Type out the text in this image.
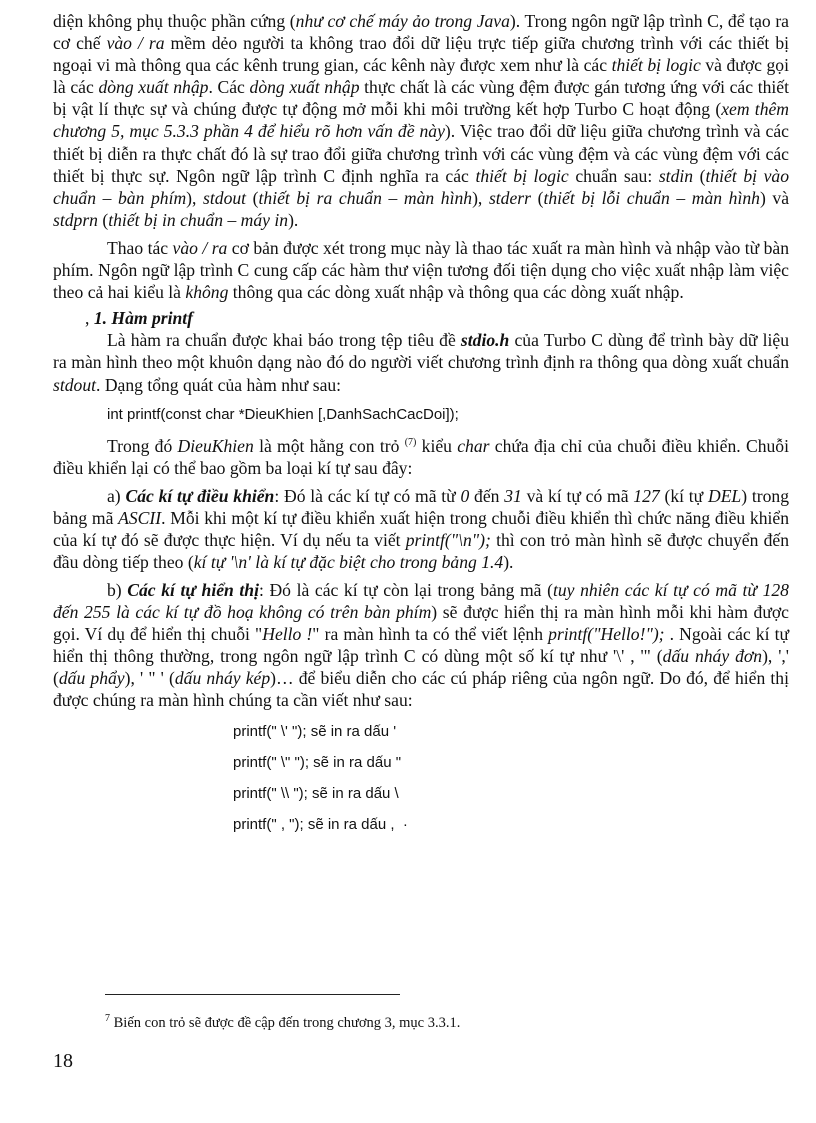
diện không phụ thuộc phần cứng (như cơ chế máy ảo trong Java). Trong ngôn ngữ lập trình C, để tạo ra cơ chế vào / ra mềm dẻo người ta không trao đổi dữ liệu trực tiếp giữa chương trình với các thiết bị ngoại vi mà thông qua các kênh trung gian, các kênh này được xem như là các thiết bị logic và được gọi là các dòng xuất nhập. Các dòng xuất nhập thực chất là các vùng đệm được gán tương ứng với các thiết bị vật lí thực sự và chúng được tự động mở mỗi khi môi trường kết hợp Turbo C hoạt động (xem thêm chương 5, mục 5.3.3 phần 4 để hiểu rõ hơn vấn đề này). Việc trao đổi dữ liệu giữa chương trình và các thiết bị diễn ra thực chất đó là sự trao đổi giữa chương trình với các vùng đệm và các vùng đệm với các thiết bị thực sự. Ngôn ngữ lập trình C định nghĩa ra các thiết bị logic chuẩn sau: stdin (thiết bị vào chuẩn – bàn phím), stdout (thiết bị ra chuẩn – màn hình), stderr (thiết bị lỗi chuẩn – màn hình) và stdprn (thiết bị in chuẩn – máy in).

Thao tác vào / ra cơ bản được xét trong mục này là thao tác xuất ra màn hình và nhập vào từ bàn phím. Ngôn ngữ lập trình C cung cấp các hàm thư viện tương đối tiện dụng cho việc xuất nhập làm việc theo cả hai kiểu là không thông qua các dòng xuất nhập và thông qua các dòng xuất nhập.

, 1. Hàm printf

Là hàm ra chuẩn được khai báo trong tệp tiêu đề stdio.h của Turbo C dùng để trình bày dữ liệu ra màn hình theo một khuôn dạng nào đó do người viết chương trình định ra thông qua dòng xuất chuẩn stdout. Dạng tổng quát của hàm như sau:

int printf(const char *DieuKhien [,DanhSachCacDoi]);

Trong đó DieuKhien là một hằng con trỏ $^{(7)}$ kiểu char chứa địa chỉ của chuỗi điều khiển. Chuỗi điều khiển lại có thể bao gồm ba loại kí tự sau đây:

a) Các kí tự điều khiển: Đó là các kí tự có mã từ 0 đến 31 và kí tự có mã 127 (kí tự DEL) trong bảng mã ASCII. Mỗi khi một kí tự điều khiển xuất hiện trong chuỗi điều khiển thì chức năng điều khiển của kí tự đó sẽ được thực hiện. Ví dụ nếu ta viết printf("\n"); thì con trỏ màn hình sẽ được chuyển đến đầu dòng tiếp theo (kí tự '\n' là kí tự đặc biệt cho trong bảng 1.4).

b) Các kí tự hiển thị: Đó là các kí tự còn lại trong bảng mã (tuy nhiên các kí tự có mã từ 128 đến 255 là các kí tự đồ hoạ không có trên bàn phím) sẽ được hiển thị ra màn hình mỗi khi hàm được gọi. Ví dụ để hiển thị chuỗi "Hello !" ra màn hình ta có thể viết lệnh printf("Hello!"); . Ngoài các kí tự hiển thị thông thường, trong ngôn ngữ lập trình C có dùng một số kí tự như '\' , '" (dấu nháy đơn), ',' (dấu phẩy), ' " ' (dấu nháy kép)… để biểu diễn cho các cú pháp riêng của ngôn ngữ. Do đó, để hiển thị được chúng ra màn hình chúng ta cần viết như sau:

printf(" \' "); sẽ in ra dấu '
printf(" \" "); sẽ in ra dấu "
printf(" \\ "); sẽ in ra dấu \
printf(" , "); sẽ in ra dấu ,  ·
$^7$ Biến con trỏ sẽ được đề cập đến trong chương 3, mục 3.3.1.
18
